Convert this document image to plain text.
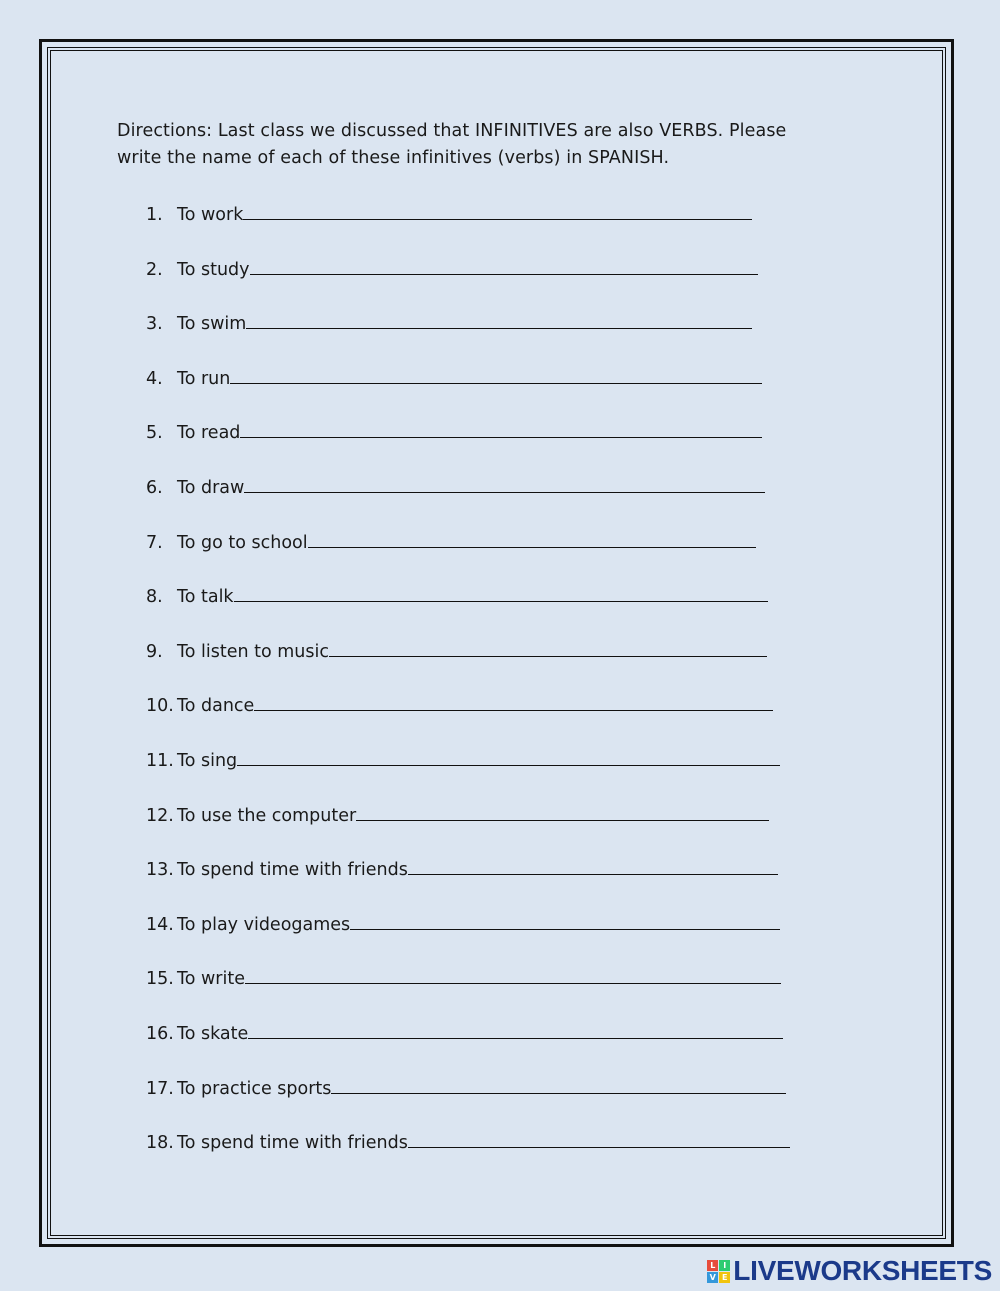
Directions: Last class we discussed that INFINITIVES are also VERBS. Please

write the name of each of these infinitives (verbs) in SPANISH.

1. To work
2. To study
3. To swim
4. To run
5. To read
6. To draw
7. To go to school
8. To talk
9. To listen to music
10. To dance
11. To sing
12. To use the computer
13. To spend time with friends
14. To play videogames
15. To write
16. To skate
17. To practice sports
18. To spend time with friends
L I
V E LIVEWORKSHEETS
